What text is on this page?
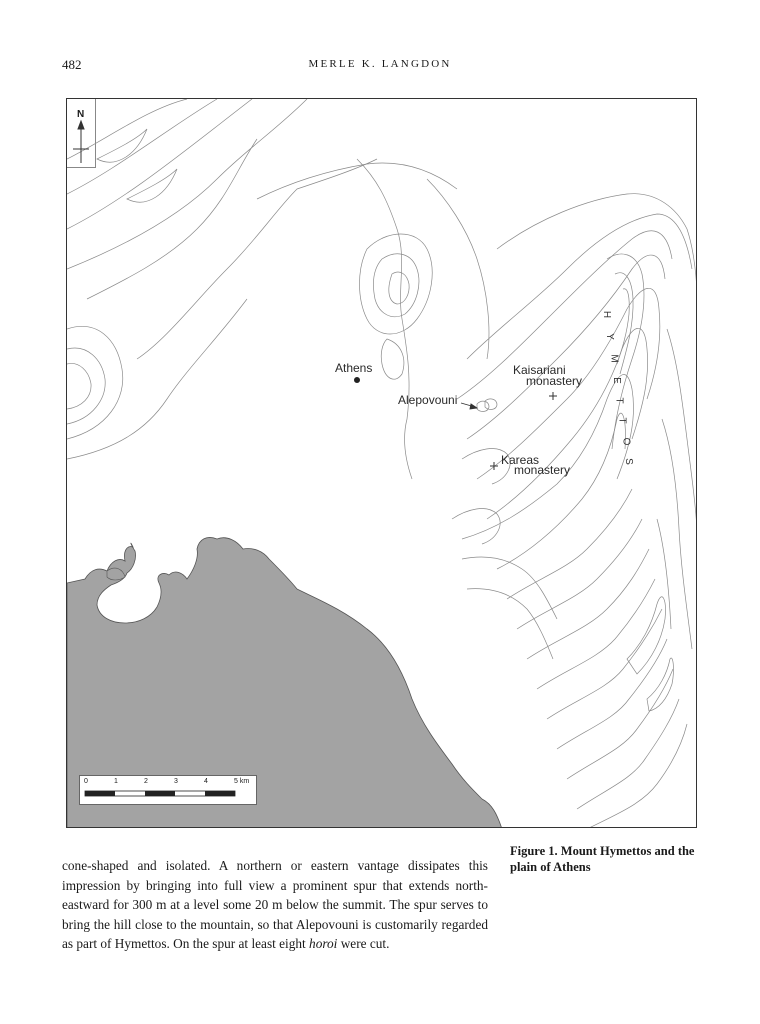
482	MERLE K. LANGDON
N
Athens	Kaisariani
monastery
Alepovouni
Kareas
monastery
H
Y
M
E
T
T
O
S
0	1	2	3	4	5 km
Figure 1. Mount Hymettos and the plain of Athens
cone-shaped and isolated. A northern or eastern vantage dissipates this impression by bringing into full view a prominent spur that extends north-eastward for 300 m at a level some 20 m below the summit. The spur serves to bring the hill close to the mountain, so that Alepovouni is customarily regarded as part of Hymettos. On the spur at least eight horoi were cut.
